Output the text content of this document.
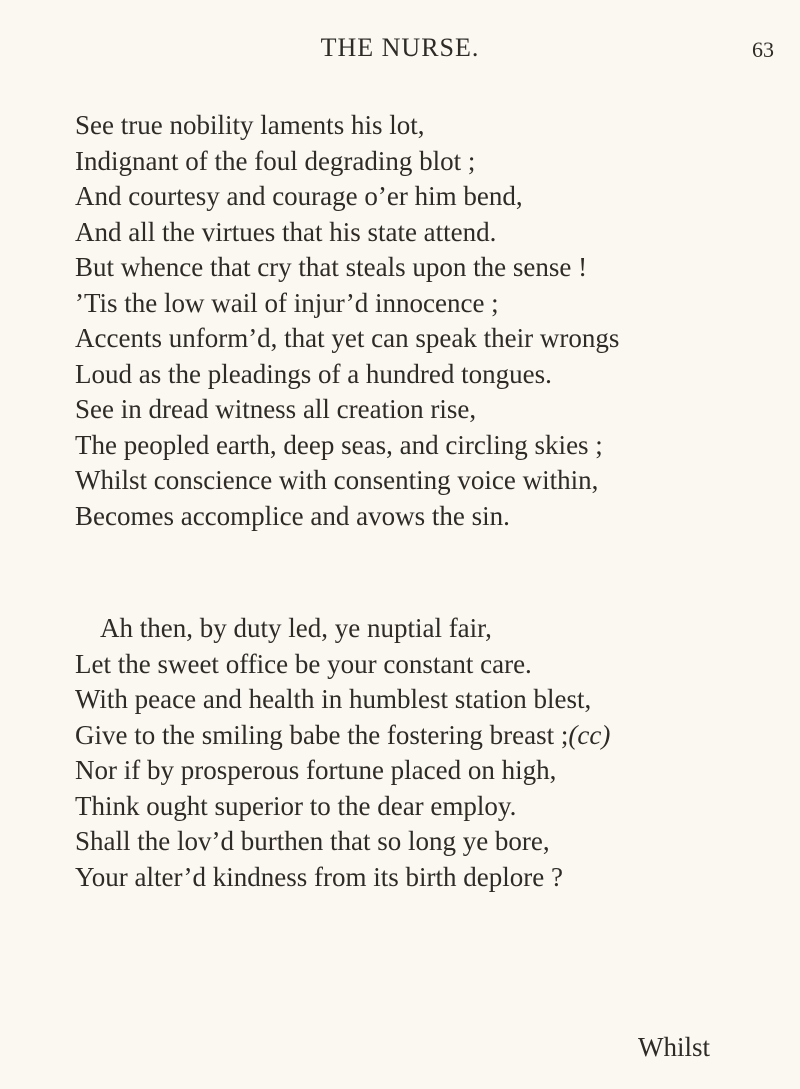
THE NURSE.	63
See true nobility laments his lot,
Indignant of the foul degrading blot ;
And courtesy and courage o’er him bend,
And all the virtues that his state attend.
But whence that cry that steals upon the sense !
’Tis the low wail of injur’d innocence ;
Accents unform’d, that yet can speak their wrongs
Loud as the pleadings of a hundred tongues.
See in dread witness all creation rise,
The peopled earth, deep seas, and circling skies ;
Whilst conscience with consenting voice within,
Becomes accomplice and avows the sin.
Ah then, by duty led, ye nuptial fair,
Let the sweet office be your constant care.
With peace and health in humblest station blest,
Give to the smiling babe the fostering breast ;(cc)
Nor if by prosperous fortune placed on high,
Think ought superior to the dear employ.
Shall the lov’d burthen that so long ye bore,
Your alter’d kindness from its birth deplore ?
Whilst
